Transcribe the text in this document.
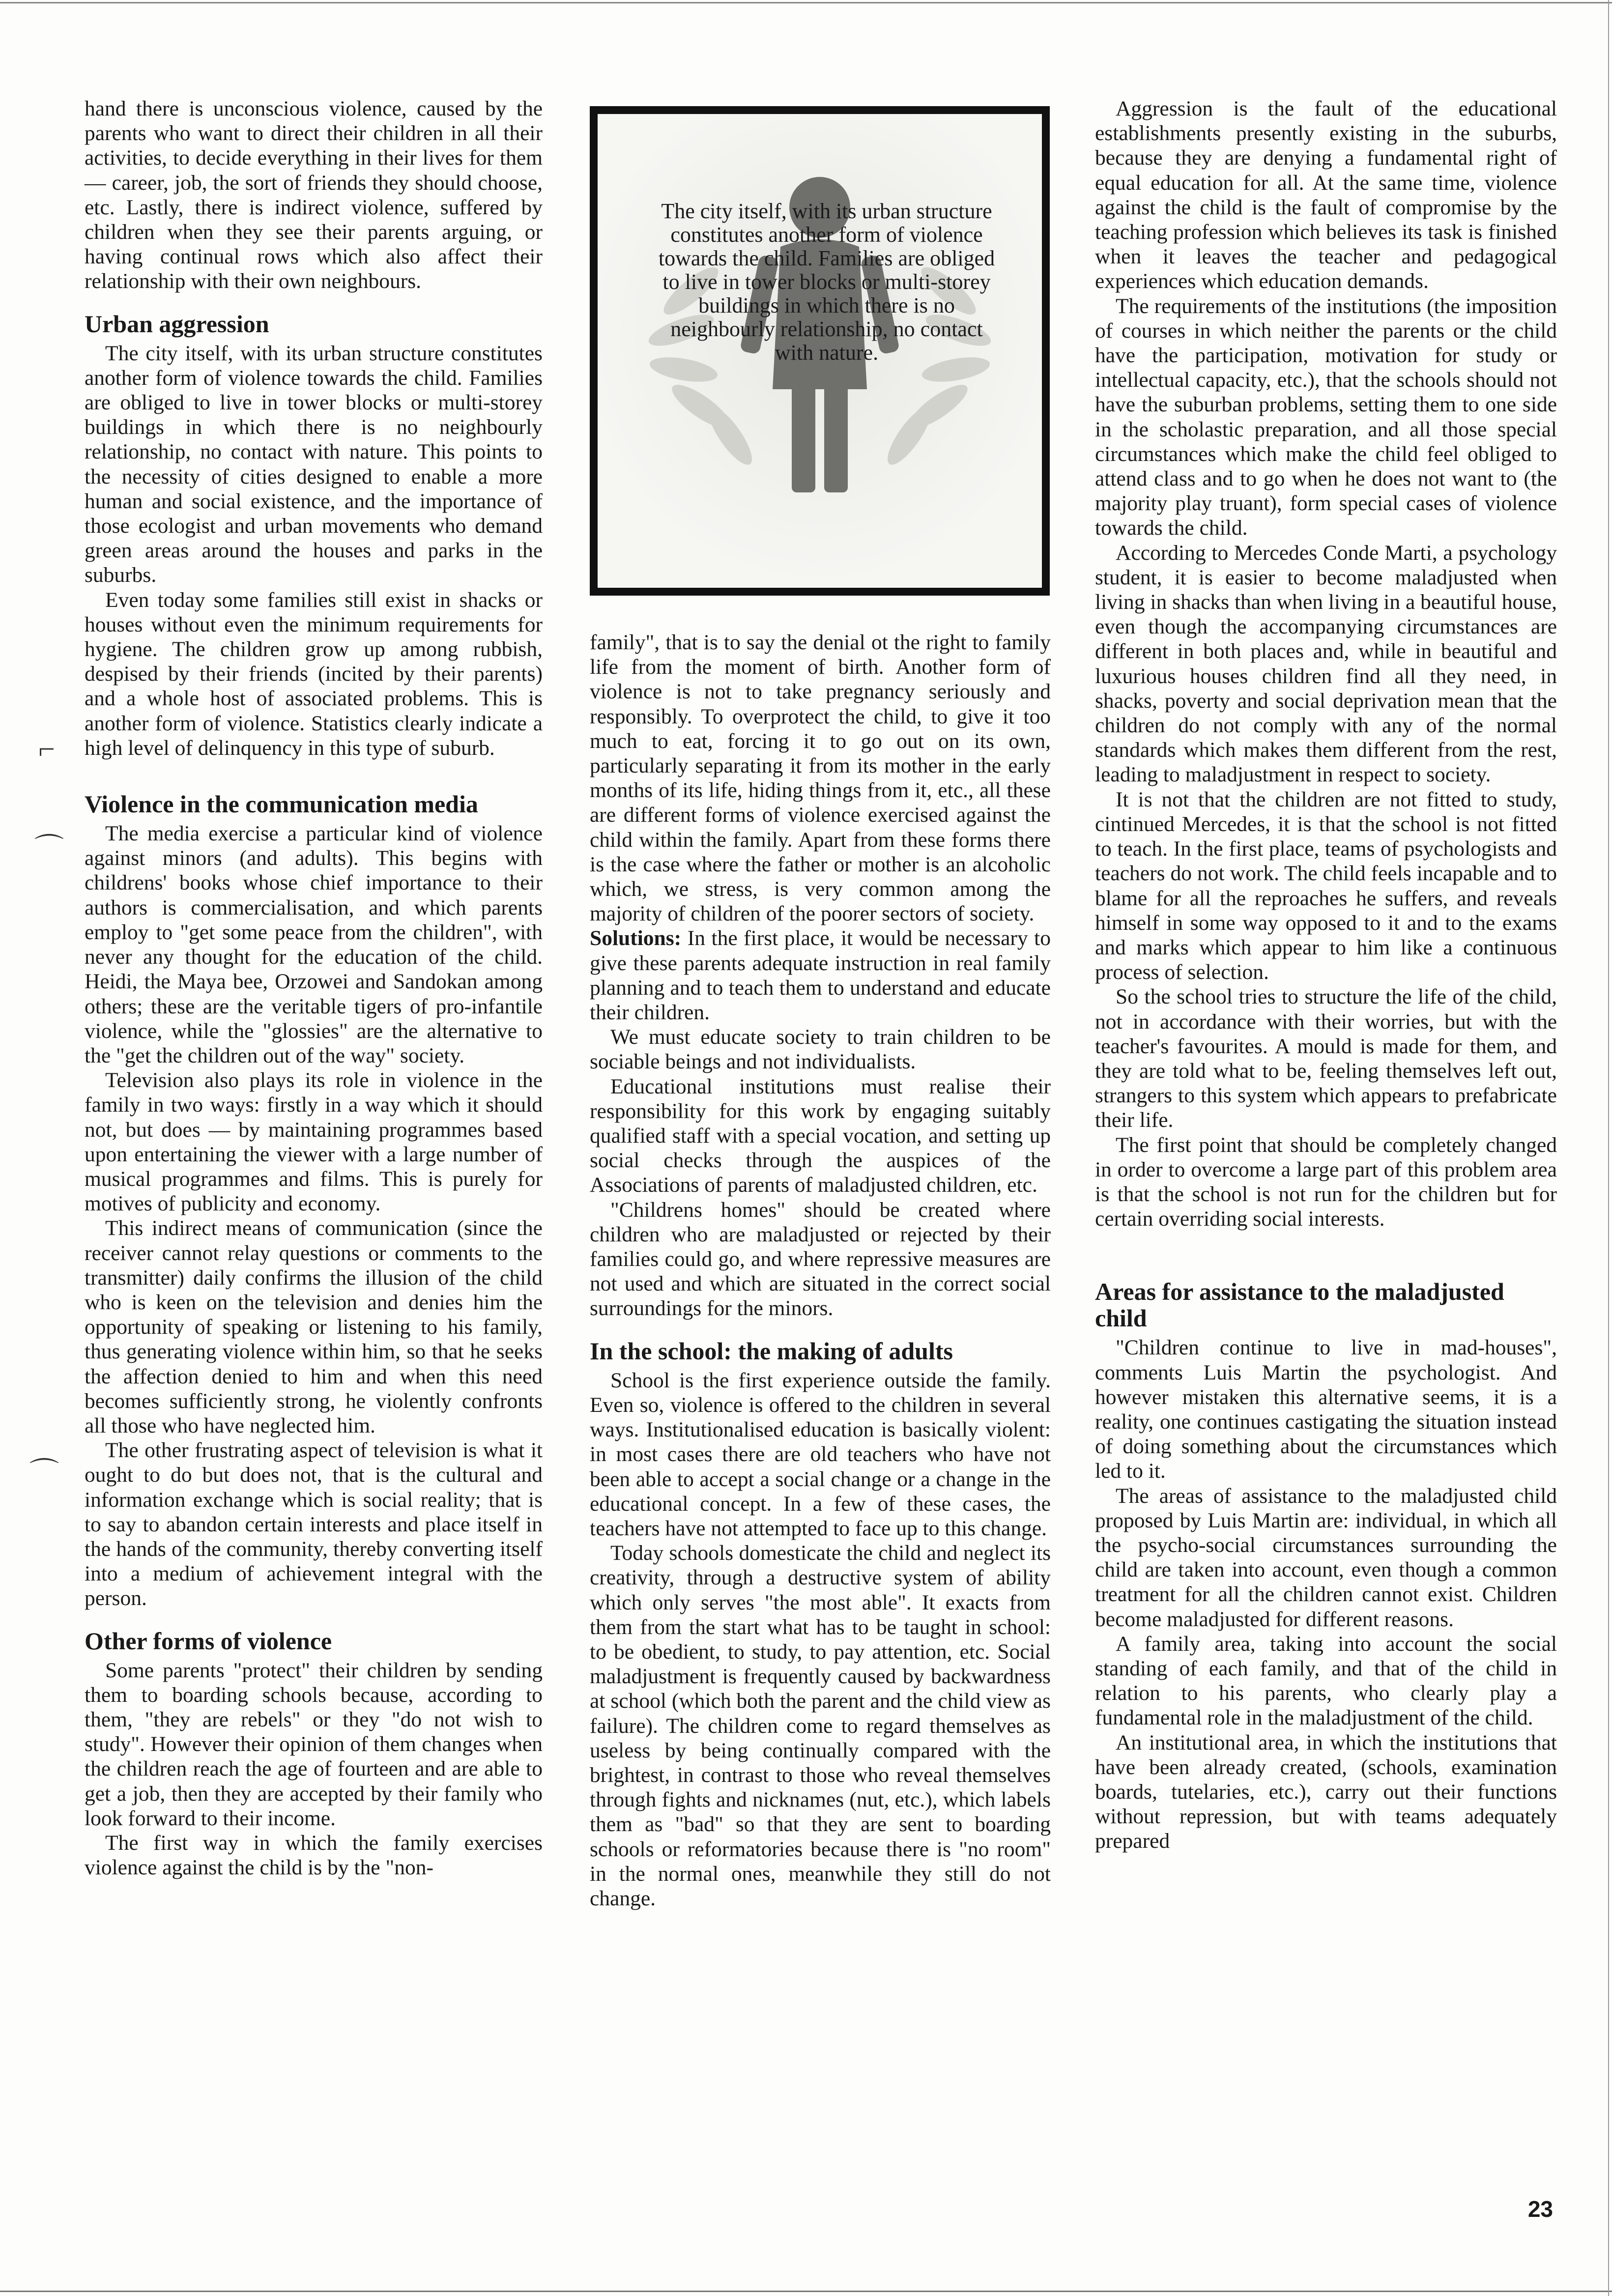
hand there is unconscious violence, caused by the parents who want to direct their children in all their activities, to decide everything in their lives for them — career, job, the sort of friends they should choose, etc. Lastly, there is indirect violence, suffered by children when they see their parents arguing, or having continual rows which also affect their relationship with their own neighbours.

Urban aggression

The city itself, with its urban structure constitutes another form of violence towards the child. Families are obliged to live in tower blocks or multi-storey buildings in which there is no neighbourly relationship, no contact with nature. This points to the necessity of cities designed to enable a more human and social existence, and the importance of those ecologist and urban movements who demand green areas around the houses and parks in the suburbs.

Even today some families still exist in shacks or houses without even the minimum requirements for hygiene. The children grow up among rubbish, despised by their friends (incited by their parents) and a whole host of associated problems. This is another form of violence. Statistics clearly indicate a high level of delinquency in this type of suburb.

Violence in the communication media

The media exercise a particular kind of violence against minors (and adults). This begins with childrens' books whose chief importance to their authors is commercialisation, and which parents employ to "get some peace from the children", with never any thought for the education of the child. Heidi, the Maya bee, Orzowei and Sandokan among others; these are the veritable tigers of pro-infantile violence, while the "glossies" are the alternative to the "get the children out of the way" society.

Television also plays its role in violence in the family in two ways: firstly in a way which it should not, but does — by maintaining programmes based upon entertaining the viewer with a large number of musical programmes and films. This is purely for motives of publicity and economy.

This indirect means of communication (since the receiver cannot relay questions or comments to the transmitter) daily confirms the illusion of the child who is keen on the television and denies him the opportunity of speaking or listening to his family, thus generating violence within him, so that he seeks the affection denied to him and when this need becomes sufficiently strong, he violently confronts all those who have neglected him.

The other frustrating aspect of television is what it ought to do but does not, that is the cultural and information exchange which is social reality; that is to say to abandon certain interests and place itself in the hands of the community, thereby converting itself into a medium of achievement integral with the person.

Other forms of violence

Some parents "protect" their children by sending them to boarding schools because, according to them, "they are rebels" or they "do not wish to study". However their opinion of them changes when the children reach the age of fourteen and are able to get a job, then they are accepted by their family who look forward to their income.

The first way in which the family exercises violence against the child is by the "non-

⌐
⌒
⌒
The city itself, with its urban structure constitutes another form of violence towards the child. Families are obliged to live in tower blocks or multi-storey buildings in which there is no neighbourly relationship, no contact with nature.

family", that is to say the denial ot the right to family life from the moment of birth. Another form of violence is not to take pregnancy seriously and responsibly. To overprotect the child, to give it too much to eat, forcing it to go out on its own, particularly separating it from its mother in the early months of its life, hiding things from it, etc., all these are different forms of violence exercised against the child within the family. Apart from these forms there is the case where the father or mother is an alcoholic which, we stress, is very common among the majority of children of the poorer sectors of society.

Solutions: In the first place, it would be necessary to give these parents adequate instruction in real family planning and to teach them to understand and educate their children.

We must educate society to train children to be sociable beings and not individualists.

Educational institutions must realise their responsibility for this work by engaging suitably qualified staff with a special vocation, and setting up social checks through the auspices of the Associations of parents of maladjusted children, etc.

"Childrens homes" should be created where children who are maladjusted or rejected by their families could go, and where repressive measures are not used and which are situated in the correct social surroundings for the minors.

In the school: the making of adults

School is the first experience outside the family. Even so, violence is offered to the children in several ways. Institutionalised education is basically violent: in most cases there are old teachers who have not been able to accept a social change or a change in the educational concept. In a few of these cases, the teachers have not attempted to face up to this change.

Today schools domesticate the child and neglect its creativity, through a destructive system of ability which only serves "the most able". It exacts from them from the start what has to be taught in school: to be obedient, to study, to pay attention, etc. Social maladjustment is frequently caused by backwardness at school (which both the parent and the child view as failure). The children come to regard themselves as useless by being continually compared with the brightest, in contrast to those who reveal themselves through fights and nicknames (nut, etc.), which labels them as "bad" so that they are sent to boarding schools or reformatories because there is "no room" in the normal ones, meanwhile they still do not change.

Aggression is the fault of the educational establishments presently existing in the suburbs, because they are denying a fundamental right of equal education for all. At the same time, violence against the child is the fault of compromise by the teaching profession which believes its task is finished when it leaves the teacher and pedagogical experiences which education demands.

The requirements of the institutions (the imposition of courses in which neither the parents or the child have the participation, motivation for study or intellectual capacity, etc.), that the schools should not have the suburban problems, setting them to one side in the scholastic preparation, and all those special circumstances which make the child feel obliged to attend class and to go when he does not want to (the majority play truant), form special cases of violence towards the child.

According to Mercedes Conde Marti, a psychology student, it is easier to become maladjusted when living in shacks than when living in a beautiful house, even though the accompanying circumstances are different in both places and, while in beautiful and luxurious houses children find all they need, in shacks, poverty and social deprivation mean that the children do not comply with any of the normal standards which makes them different from the rest, leading to maladjustment in respect to society.

It is not that the children are not fitted to study, cintinued Mercedes, it is that the school is not fitted to teach. In the first place, teams of psychologists and teachers do not work. The child feels incapable and to blame for all the reproaches he suffers, and reveals himself in some way opposed to it and to the exams and marks which appear to him like a continuous process of selection.

So the school tries to structure the life of the child, not in accordance with their worries, but with the teacher's favourites. A mould is made for them, and they are told what to be, feeling themselves left out, strangers to this system which appears to prefabricate their life.

The first point that should be completely changed in order to overcome a large part of this problem area is that the school is not run for the children but for certain overriding social interests.

Areas for assistance to the maladjusted child

"Children continue to live in mad-houses", comments Luis Martin the psychologist. And however mistaken this alternative seems, it is a reality, one continues castigating the situation instead of doing something about the circumstances which led to it.

The areas of assistance to the maladjusted child proposed by Luis Martin are: individual, in which all the psycho-social circumstances surrounding the child are taken into account, even though a common treatment for all the children cannot exist. Children become maladjusted for different reasons.

A family area, taking into account the social standing of each family, and that of the child in relation to his parents, who clearly play a fundamental role in the maladjustment of the child.

An institutional area, in which the institutions that have been already created, (schools, examination boards, tutelaries, etc.), carry out their functions without repression, but with teams adequately prepared

23
